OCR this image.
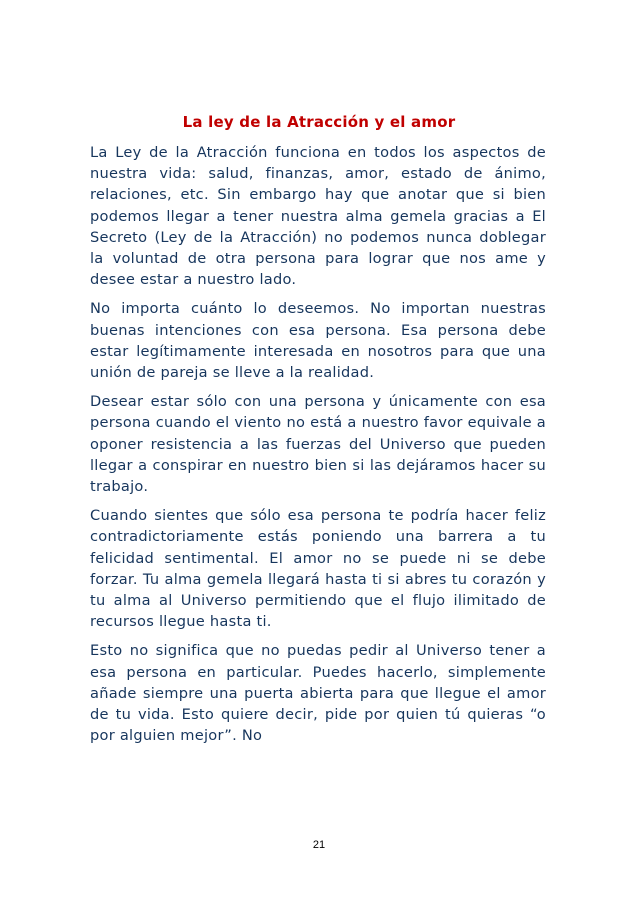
La ley de la Atracción y el amor

La Ley de la Atracción funciona en todos los aspectos de nuestra vida: salud, finanzas, amor, estado de ánimo, relaciones, etc. Sin embargo hay que anotar que si bien podemos llegar a tener nuestra alma gemela gracias a El Secreto (Ley de la Atracción) no podemos nunca doblegar la voluntad de otra persona para lograr que nos ame y desee estar a nuestro lado.

No importa cuánto lo deseemos. No importan nuestras buenas intenciones con esa persona. Esa persona debe estar legítimamente interesada en nosotros para que una unión de pareja se lleve a la realidad.

Desear estar sólo con una persona y únicamente con esa persona cuando el viento no está a nuestro favor equivale a oponer resistencia a las fuerzas del Universo que pueden llegar a conspirar en nuestro bien si las dejáramos hacer su trabajo.

Cuando sientes que sólo esa persona te podría hacer feliz contradictoriamente estás poniendo una barrera a tu felicidad sentimental. El amor no se puede ni se debe forzar. Tu alma gemela llegará hasta ti si abres tu corazón y tu alma al Universo permitiendo que el flujo ilimitado de recursos llegue hasta ti.

Esto no significa que no puedas pedir al Universo tener a esa persona en particular. Puedes hacerlo, simplemente añade siempre una puerta abierta para que llegue el amor de tu vida. Esto quiere decir, pide por quien tú quieras “o por alguien mejor”. No

21
